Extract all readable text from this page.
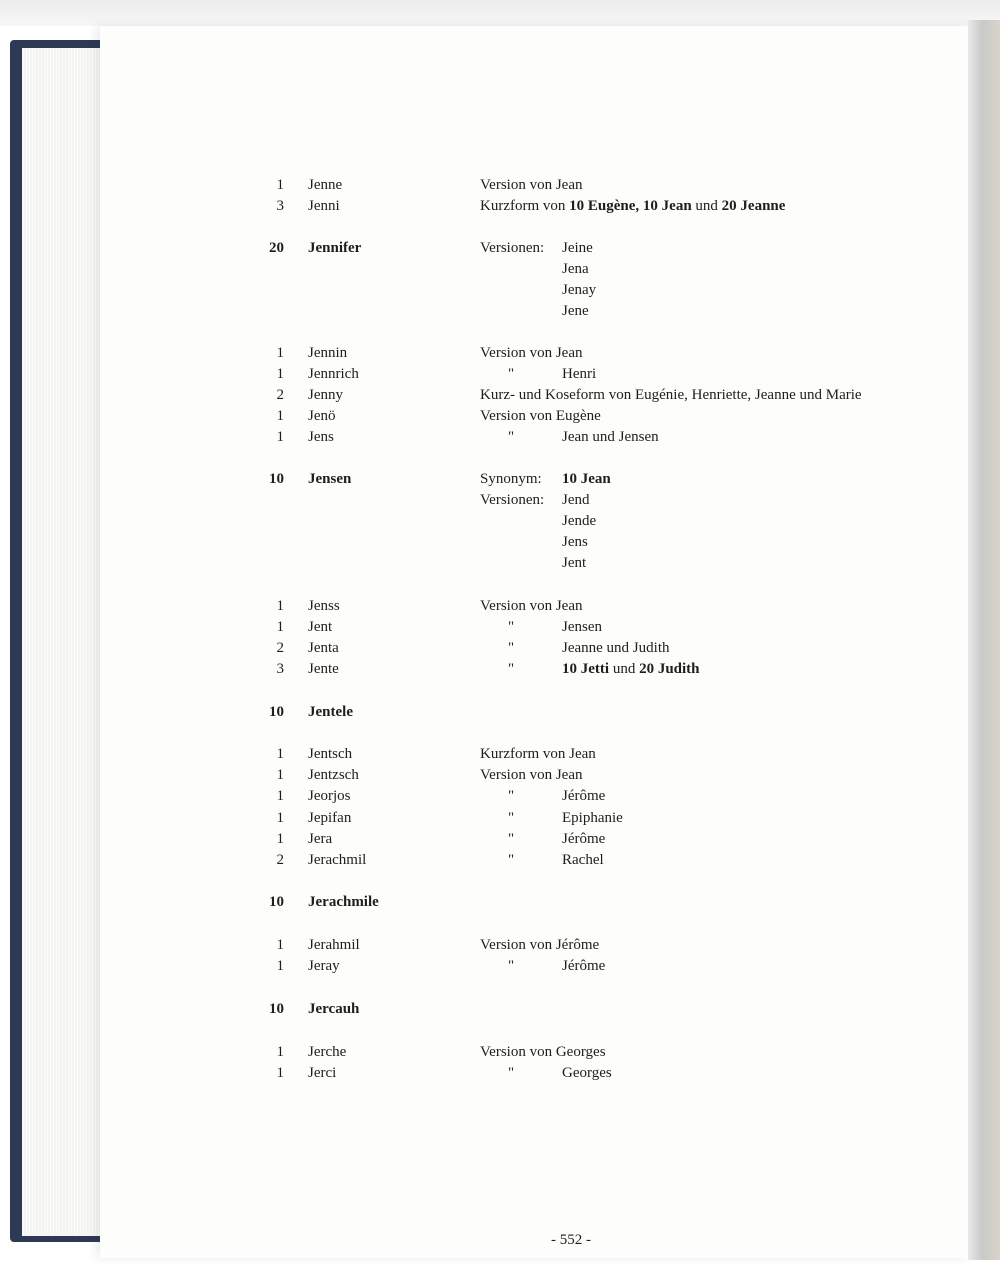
1 Jenne	Version von Jean
3 Jenni	Kurzform von 10 Eugène, 10 Jean und 20 Jeanne
20 Jennifer	Versionen: Jeine
Jena
Jenay
Jene
1 Jennin	Version von Jean
1 Jennrich	"	Henri
2 Jenny	Kurz- und Koseform von Eugénie, Henriette, Jeanne und Marie
1 Jenö	Version von Eugène
1 Jens	"	Jean und Jensen
10 Jensen	Synonym: 10 Jean
Versionen: Jend
Jende
Jens
Jent
1 Jenss	Version von Jean
1 Jent	"	Jensen
2 Jenta	"	Jeanne und Judith
3 Jente	"	10 Jetti und 20 Judith
10 Jentele
1 Jentsch	Kurzform von Jean
1 Jentzsch	Version von Jean
1 Jeorjos	"	Jérôme
1 Jepifan	"	Epiphanie
1 Jera	"	Jérôme
2 Jerachmil	"	Rachel
10 Jerachmile
1 Jerahmil	Version von Jérôme
1 Jeray	"	Jérôme
10 Jercauh
1 Jerche	Version von Georges
1 Jerci	"	Georges
- 552 -
